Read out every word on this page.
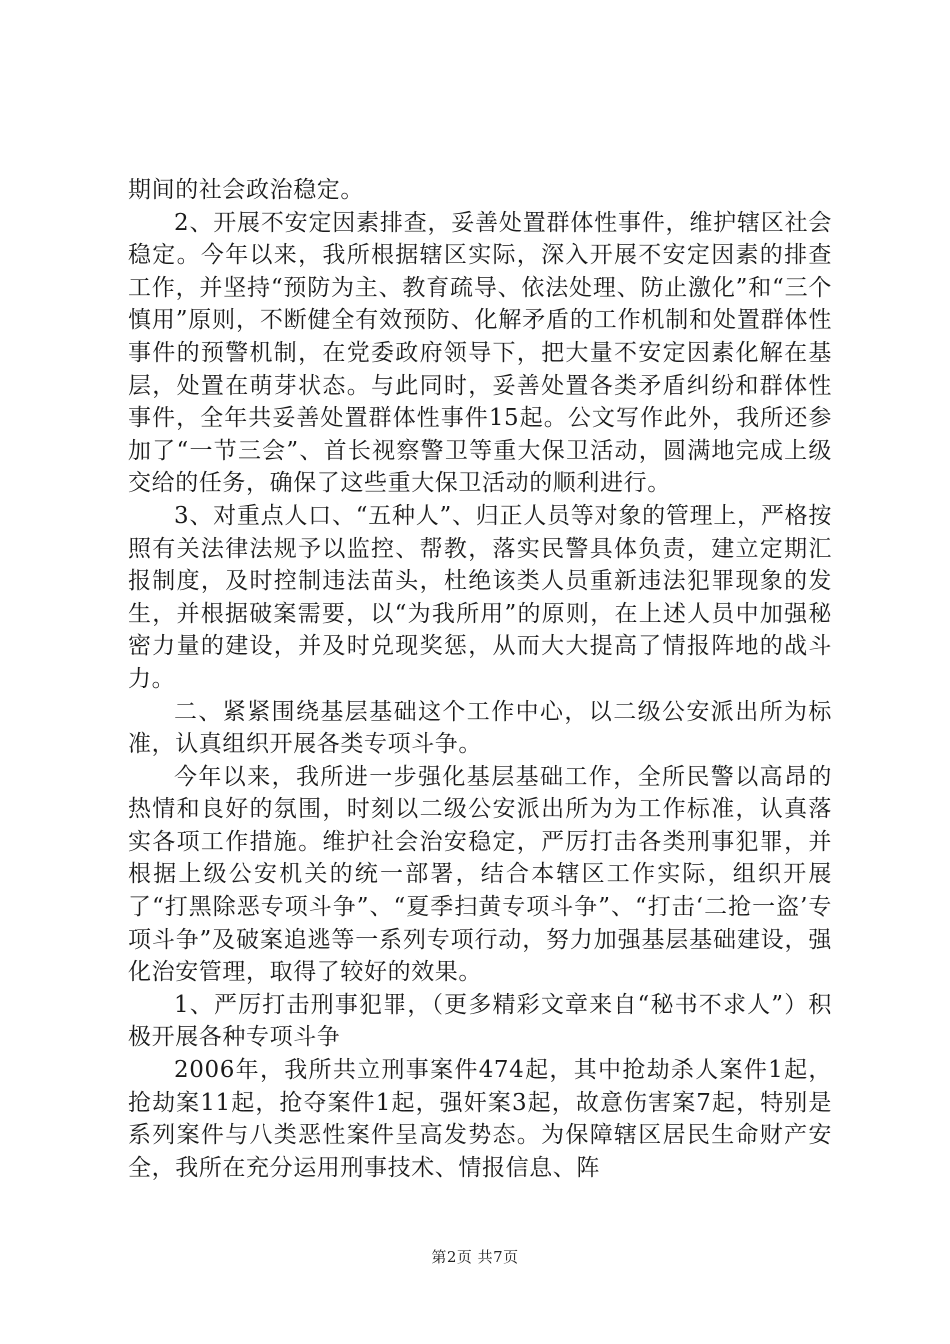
期间的社会政治稳定。

2、开展不安定因素排查，妥善处置群体性事件，维护辖区社会稳定。今年以来，我所根据辖区实际，深入开展不安定因素的排查工作，并坚持“预防为主、教育疏导、依法处理、防止激化”和“三个慎用”原则，不断健全有效预防、化解矛盾的工作机制和处置群体性事件的预警机制，在党委政府领导下，把大量不安定因素化解在基层，处置在萌芽状态。与此同时，妥善处置各类矛盾纠纷和群体性事件，全年共妥善处置群体性事件15起。公文写作此外，我所还参加了“一节三会”、首长视察警卫等重大保卫活动，圆满地完成上级交给的任务，确保了这些重大保卫活动的顺利进行。

3、对重点人口、“五种人”、归正人员等对象的管理上，严格按照有关法律法规予以监控、帮教，落实民警具体负责，建立定期汇报制度，及时控制违法苗头，杜绝该类人员重新违法犯罪现象的发生，并根据破案需要，以“为我所用”的原则，在上述人员中加强秘密力量的建设，并及时兑现奖惩，从而大大提高了情报阵地的战斗力。

二、紧紧围绕基层基础这个工作中心，以二级公安派出所为标准，认真组织开展各类专项斗争。

今年以来，我所进一步强化基层基础工作，全所民警以高昂的热情和良好的氛围，时刻以二级公安派出所为为工作标准，认真落实各项工作措施。维护社会治安稳定，严厉打击各类刑事犯罪，并根据上级公安机关的统一部署，结合本辖区工作实际，组织开展了“打黑除恶专项斗争”、“夏季扫黄专项斗争”、“打击‘二抢一盗’专项斗争”及破案追逃等一系列专项行动，努力加强基层基础建设，强化治安管理，取得了较好的效果。

1、严厉打击刑事犯罪，（更多精彩文章来自“秘书不求人”）积极开展各种专项斗争

2006年，我所共立刑事案件474起，其中抢劫杀人案件1起，抢劫案11起，抢夺案件1起，强奸案3起，故意伤害案7起，特别是系列案件与八类恶性案件呈高发势态。为保障辖区居民生命财产安全，我所在充分运用刑事技术、情报信息、阵

第2页 共7页
